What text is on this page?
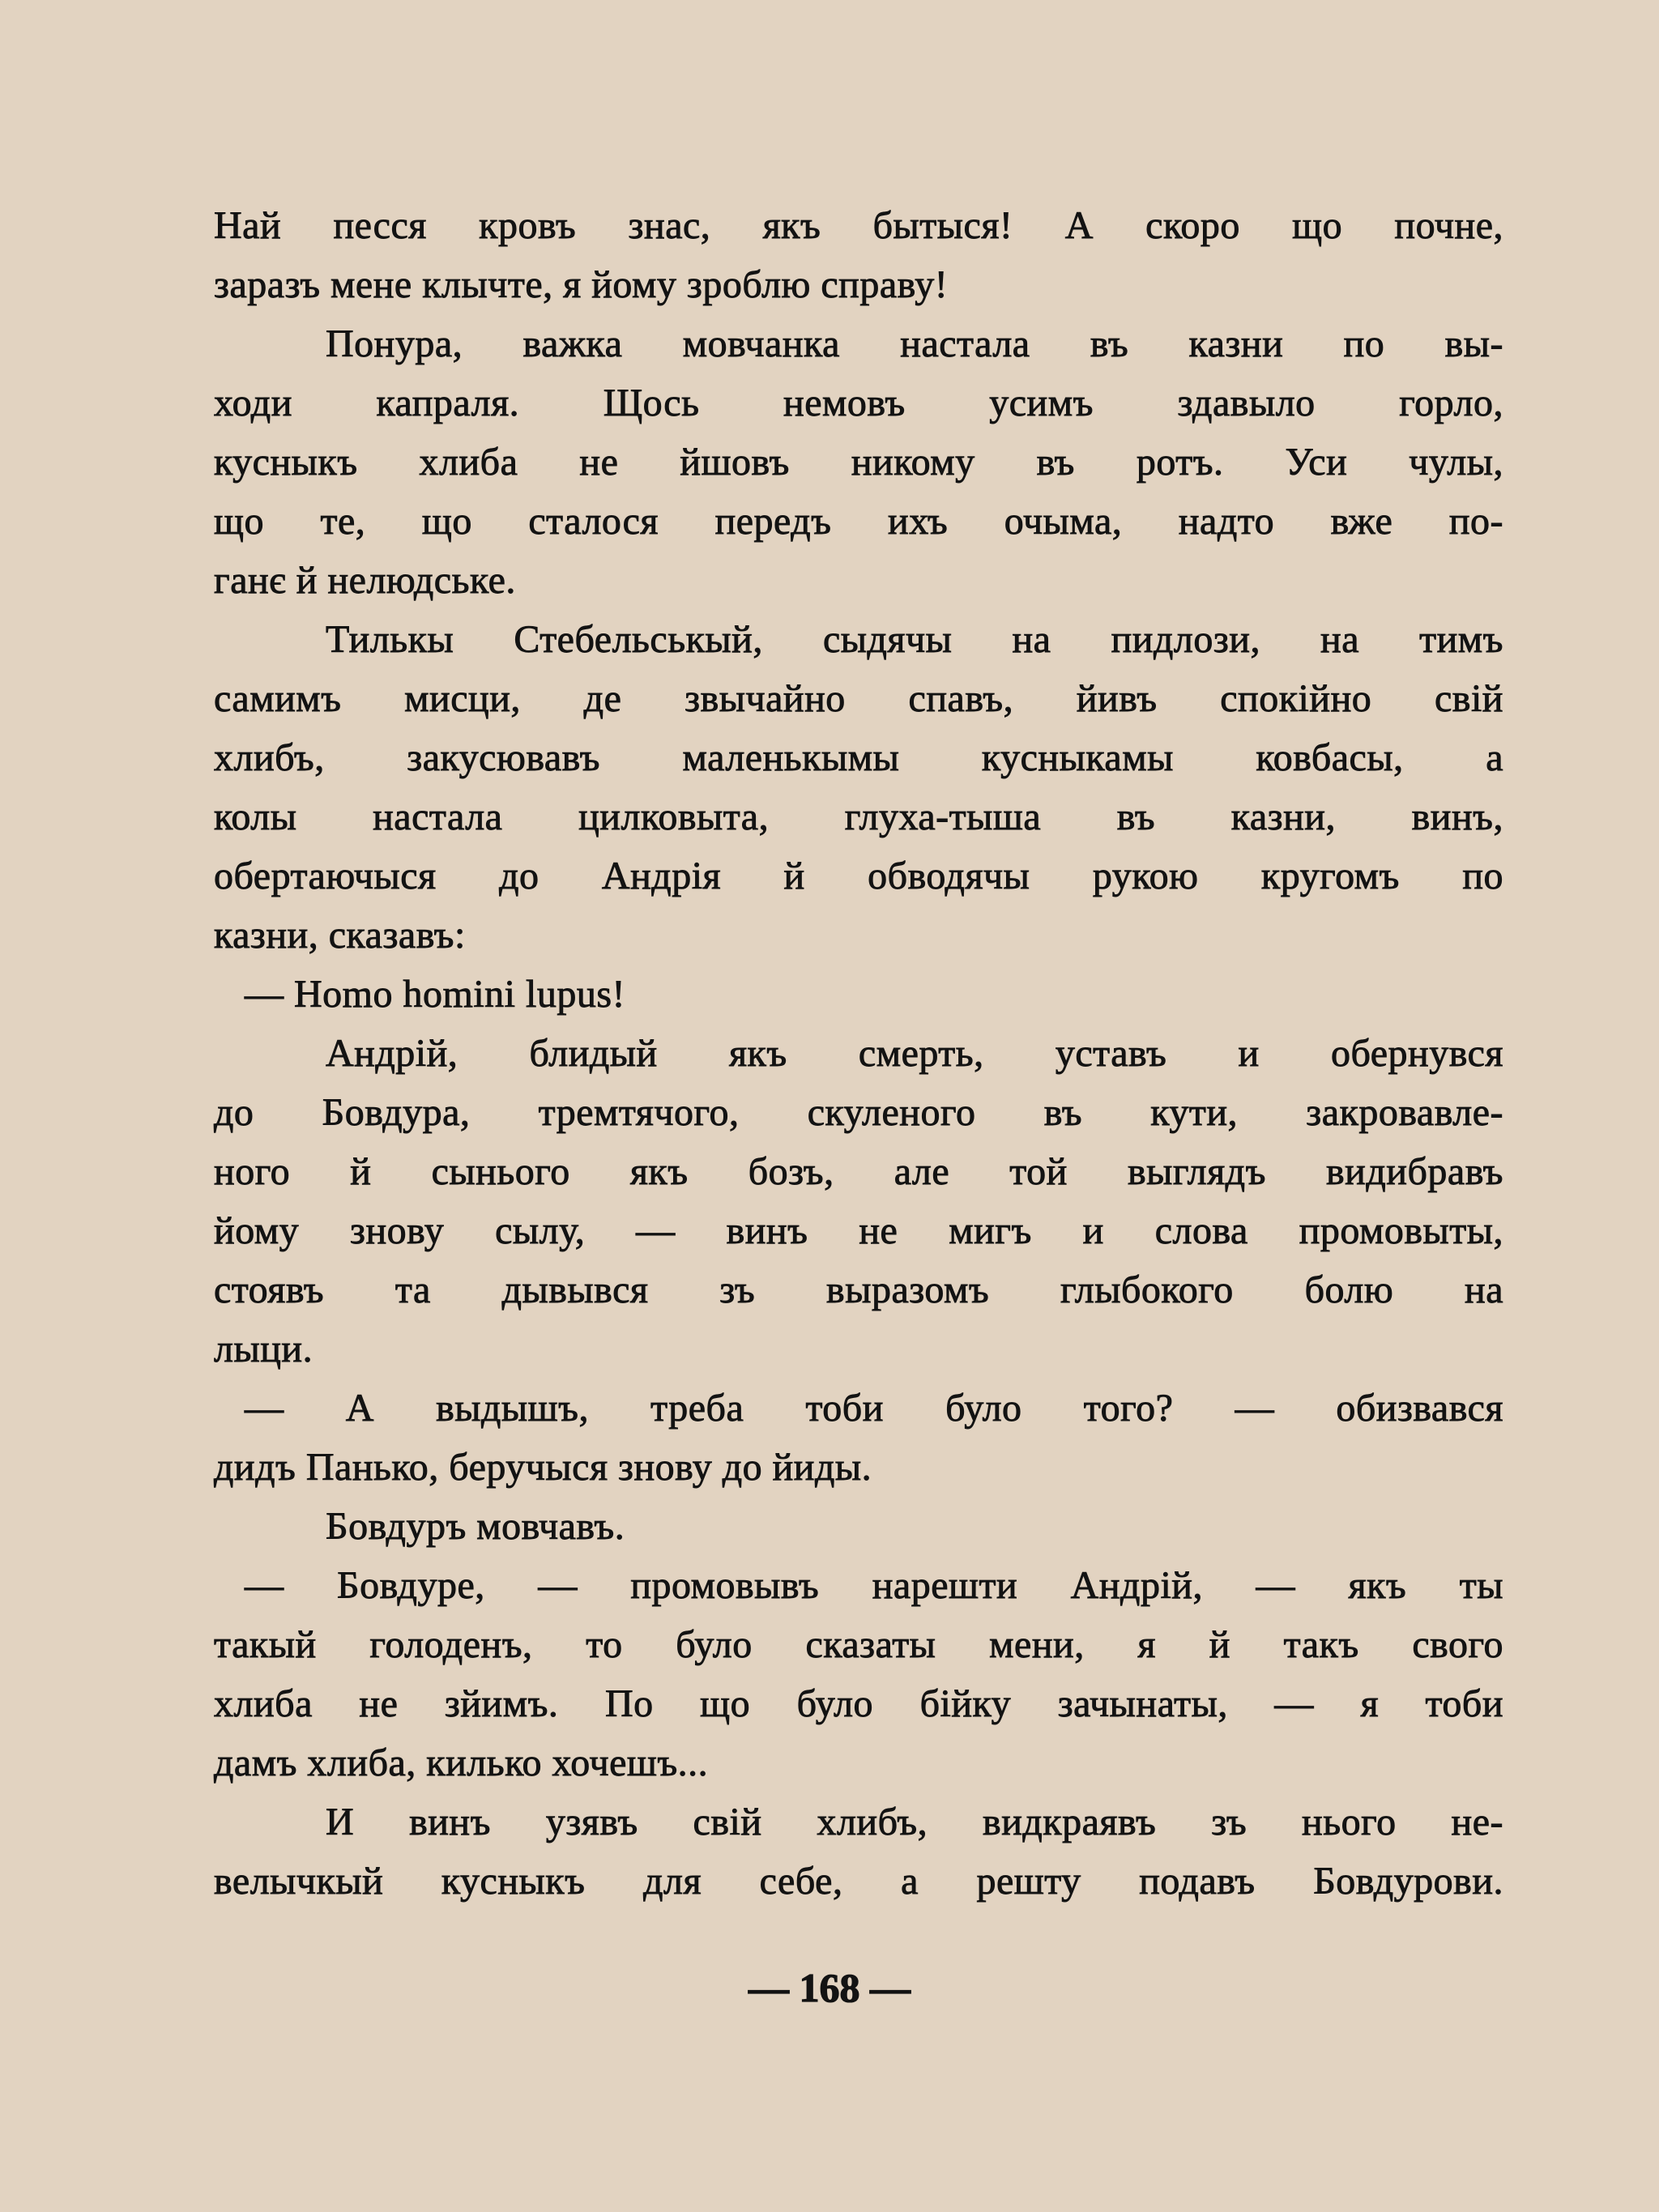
Най песся кровъ знас, якъ бытыся! А скоро що почне,
заразъ мене клычте, я йому зроблю справу!
Понура, важка мовчанка настала въ казни по вы-
ходи капраля. Щось немовъ усимъ здавыло горло,
кусныкъ хлиба не йшовъ никому въ ротъ. Уси чулы,
що те, що сталося передъ ихъ очыма, надто вже по-
ганє й нелюдське.
Тилькы Стебельськый, сыдячы на пидлози, на тимъ
самимъ мисци, де звычайно спавъ, йивъ спокійно свій
хлибъ, закусювавъ маленькымы кусныкамы ковбасы, а
колы настала цилковыта, глуха-тыша въ казни, винъ,
обертаючыся до Андрія й обводячы рукою кругомъ по
казни, сказавъ:
— Homo homini lupus!
Андрій, блидый якъ смерть, уставъ и обернувся
до Бовдура, тремтячого, скуленого въ кути, закровавле-
ного й сынього якъ бозъ, але той выглядъ видибравъ
йому знову сылу, — винъ не мигъ и слова промовыты,
стоявъ та дывывся зъ выразомъ глыбокого болю на
лыци.
— А выдышъ, треба тоби було того? — обизвався
дидъ Панько, беручыся знову до йиды.
Бовдуръ мовчавъ.
— Бовдуре, — промовывъ нарешти Андрій, — якъ ты
такый голоденъ, то було сказаты мени, я й такъ свого
хлиба не зйимъ. По що було бійку зачынаты, — я тоби
дамъ хлиба, килько хочешъ...
И винъ узявъ свій хлибъ, видкраявъ зъ нього не-
велычкый кусныкъ для себе, а решту подавъ Бовдурови.
— 168 —
